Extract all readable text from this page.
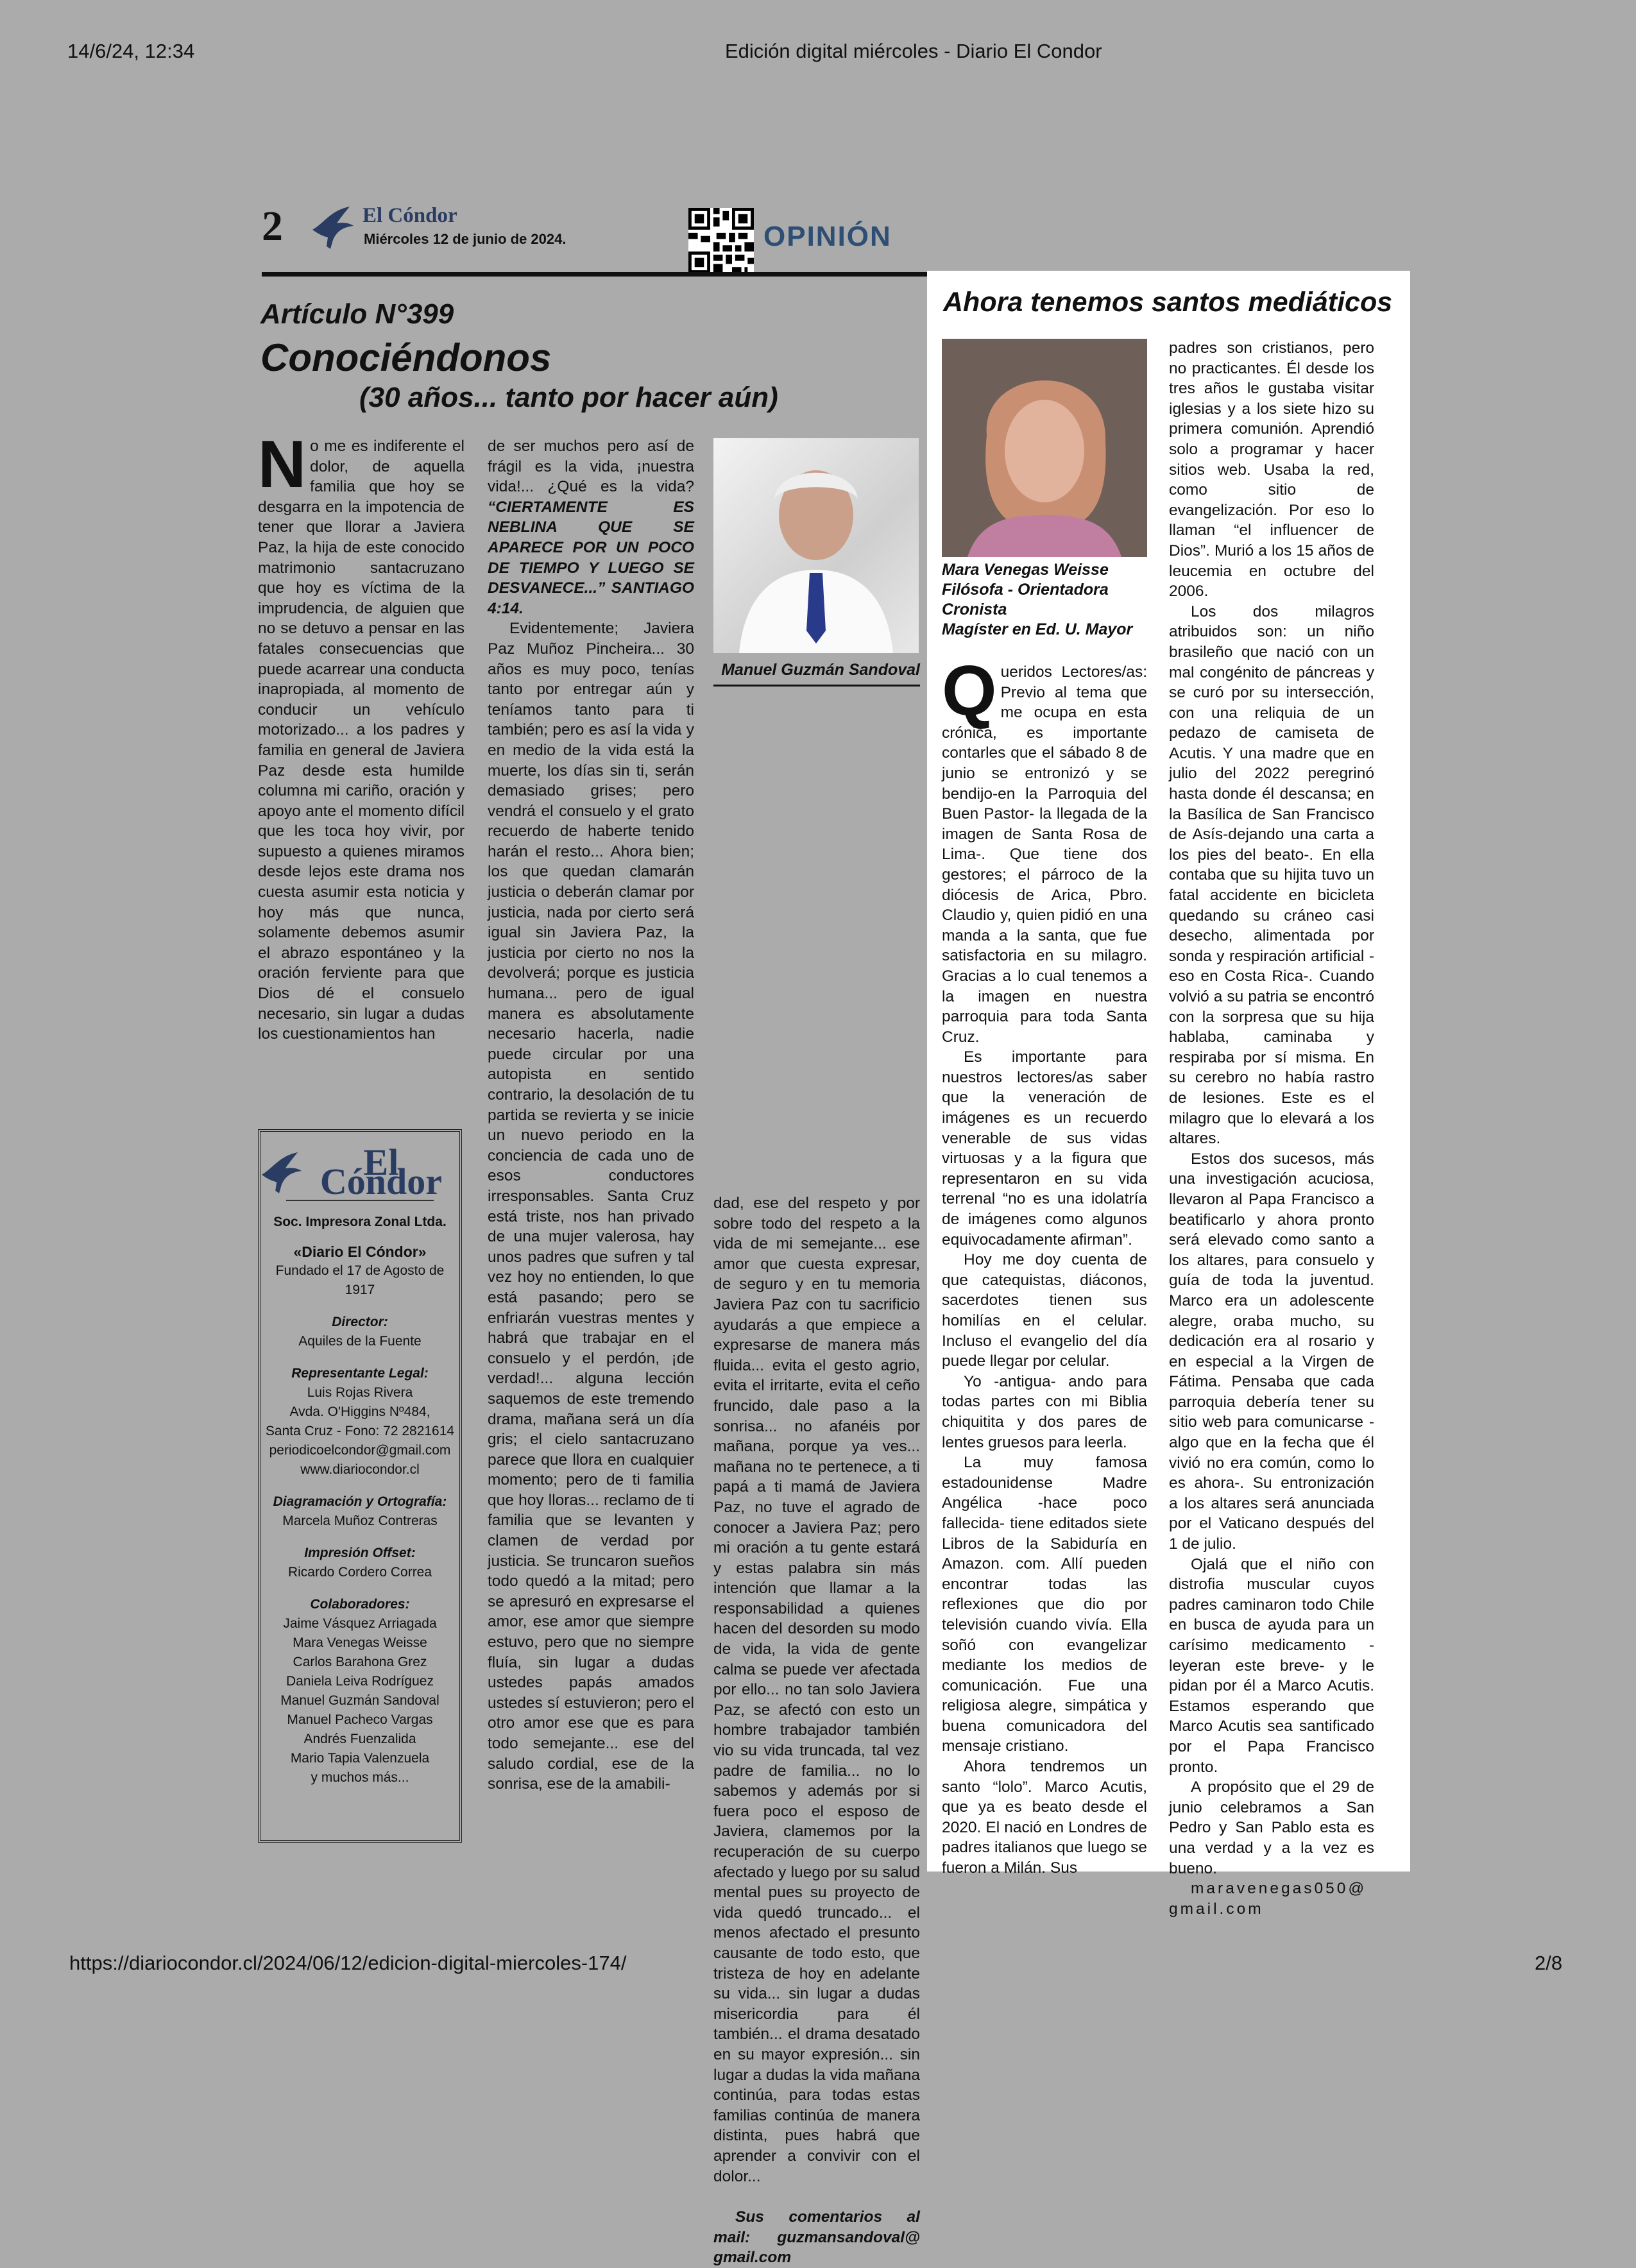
14/6/24, 12:34	Edición digital miércoles - Diario El Condor
2	El Cóndor
Miércoles 12 de junio de 2024.	OPINIÓN
Artículo N°399
Conociéndonos
(30 años... tanto por hacer aún)
No me es indiferente el dolor, de aquella familia que hoy se desgarra en la impotencia de tener que llorar a Javiera Paz, la hija de este conocido matrimonio santacruzano que hoy es víctima de la imprudencia, de alguien que no se detuvo a pensar en las fatales consecuencias que puede acarrear una conducta inapropiada, al momento de conducir un vehículo motorizado... a los padres y familia en general de Javiera Paz desde esta humilde columna mi cariño, oración y apoyo ante el momento difícil que les toca hoy vivir, por supuesto a quienes miramos desde lejos este drama nos cuesta asumir esta noticia y hoy más que nunca, solamente debemos asumir el abrazo espontáneo y la oración ferviente para que Dios dé el consuelo necesario, sin lugar a dudas los cuestionamientos han
de ser muchos pero así de frágil es la vida, ¡nuestra vida!... ¿Qué es la vida? “CIERTAMENTE ES NEBLINA QUE SE APARECE POR UN POCO DE TIEMPO Y LUEGO SE DESVANECE...” SANTIAGO 4:14.

Evidentemente; Javiera Paz Muñoz Pincheira... 30 años es muy poco, tenías tanto por entregar aún y teníamos tanto para ti también; pero es así la vida y en medio de la vida está la muerte, los días sin ti, serán demasiado grises; pero vendrá el consuelo y el grato recuerdo de haberte tenido harán el resto... Ahora bien; los que quedan clamarán justicia o deberán clamar por justicia, nada por cierto será igual sin Javiera Paz, la justicia por cierto no nos la devolverá; porque es justicia humana... pero de igual manera es absolutamente necesario hacerla, nadie puede circular por una autopista en sentido contrario, la desolación de tu partida se revierta y se inicie un nuevo periodo en la conciencia de cada uno de esos conductores irresponsables. Santa Cruz está triste, nos han privado de una mujer valerosa, hay unos padres que sufren y tal vez hoy no entienden, lo que está pasando; pero se enfriarán vuestras mentes y habrá que trabajar en el consuelo y el perdón, ¡de verdad!... alguna lección saquemos de este tremendo drama, mañana será un día gris; el cielo santacruzano parece que llora en cualquier momento; pero de ti familia que hoy lloras... reclamo de ti familia que se levanten y clamen de verdad por justicia. Se truncaron sueños todo quedó a la mitad; pero se apresuró en expresarse el amor, ese amor que siempre estuvo, pero que no siempre fluía, sin lugar a dudas ustedes papás amados ustedes sí estuvieron; pero el otro amor ese que es para todo semejante... ese del saludo cordial, ese de la sonrisa, ese de la amabili-

Manuel Guzmán Sandoval

dad, ese del respeto y por sobre todo del respeto a la vida de mi semejante... ese amor que cuesta expresar, de seguro y en tu memoria Javiera Paz con tu sacrificio ayudarás a que empiece a expresarse de manera más fluida... evita el gesto agrio, evita el irritarte, evita el ceño fruncido, dale paso a la sonrisa... no afanéis por mañana, porque ya ves... mañana no te pertenece, a ti papá a ti mamá de Javiera Paz, no tuve el agrado de conocer a Javiera Paz; pero mi oración a tu gente estará y estas palabra sin más intención que llamar a la responsabilidad a quienes hacen del desorden su modo de vida, la vida de gente calma se puede ver afectada por ello... no tan solo Javiera Paz, se afectó con esto un hombre trabajador también vio su vida truncada, tal vez padre de familia... no lo sabemos y además por si fuera poco el esposo de Javiera, clamemos por la recuperación de su cuerpo afectado y luego por su salud mental pues su proyecto de vida quedó truncado... el menos afectado el presunto causante de todo esto, que tristeza de hoy en adelante su vida... sin lugar a dudas misericordia para él también... el drama desatado en su mayor expresión... sin lugar a dudas la vida mañana continúa, para todas estas familias continúa de manera distinta, pues habrá que aprender a convivir con el dolor...

Sus comentarios al mail: guzmansandoval@ gmail.com

El Cóndor
Soc. Impresora Zonal Ltda.
«Diario El Cóndor»
Fundado el 17 de Agosto de 1917
Director:
Aquiles de la Fuente
Representante Legal:
Luis Rojas Rivera
Avda. O'Higgins Nº484,
Santa Cruz - Fono: 72 2821614
periodicoelcondor@gmail.com
www.diariocondor.cl
Diagramación y Ortografía:
Marcela Muñoz Contreras
Impresión Offset:
Ricardo Cordero Correa
Colaboradores:
Jaime Vásquez Arriagada
Mara Venegas Weisse
Carlos Barahona Grez
Daniela Leiva Rodríguez
Manuel Guzmán Sandoval
Manuel Pacheco Vargas
Andrés Fuenzalida
Mario Tapia Valenzuela
y muchos más...
Ahora tenemos santos mediáticos
Mara Venegas Weisse
Filósofa - Orientadora
Cronista
Magíster en Ed. U. Mayor

Queridos Lectores/as: Previo al tema que me ocupa en esta crónica, es importante contarles que el sábado 8 de junio se entronizó y se bendijo-en la Parroquia del Buen Pastor- la llegada de la imagen de Santa Rosa de Lima-. Que tiene dos gestores; el párroco de la diócesis de Arica, Pbro. Claudio y, quien pidió en una manda a la santa, que fue satisfactoria en su milagro. Gracias a lo cual tenemos a la imagen en nuestra parroquia para toda Santa Cruz.

Es importante para nuestros lectores/as saber que la veneración de imágenes es un recuerdo venerable de sus vidas virtuosas y a la figura que representaron en su vida terrenal “no es una idolatría de imágenes como algunos equivocadamente afirman”.

Hoy me doy cuenta de que catequistas, diáconos, sacerdotes tienen sus homilías en el celular. Incluso el evangelio del día puede llegar por celular.

Yo -antigua- ando para todas partes con mi Biblia chiquitita y dos pares de lentes gruesos para leerla.

La muy famosa estadounidense Madre Angélica -hace poco fallecida- tiene editados siete Libros de la Sabiduría en Amazon. com. Allí pueden encontrar todas las reflexiones que dio por televisión cuando vivía. Ella soñó con evangelizar mediante los medios de comunicación. Fue una religiosa alegre, simpática y buena comunicadora del mensaje cristiano.

Ahora tendremos un santo “lolo”. Marco Acutis, que ya es beato desde el 2020. El nació en Londres de padres italianos que luego se fueron a Milán. Sus

padres son cristianos, pero no practicantes. Él desde los tres años le gustaba visitar iglesias y a los siete hizo su primera comunión. Aprendió solo a programar y hacer sitios web. Usaba la red, como sitio de evangelización. Por eso lo llaman “el influencer de Dios”. Murió a los 15 años de leucemia en octubre del 2006.

Los dos milagros atribuidos son: un niño brasileño que nació con un mal congénito de páncreas y se curó por su intersección, con una reliquia de un pedazo de camiseta de Acutis. Y una madre que en julio del 2022 peregrinó hasta donde él descansa; en la Basílica de San Francisco de Asís-dejando una carta a los pies del beato-. En ella contaba que su hijita tuvo un fatal accidente en bicicleta quedando su cráneo casi desecho, alimentada por sonda y respiración artificial -eso en Costa Rica-. Cuando volvió a su patria se encontró con la sorpresa que su hija hablaba, caminaba y respiraba por sí misma. En su cerebro no había rastro de lesiones. Este es el milagro que lo elevará a los altares.

Estos dos sucesos, más una investigación acuciosa, llevaron al Papa Francisco a beatificarlo y ahora pronto será elevado como santo a los altares, para consuelo y guía de toda la juventud. Marco era un adolescente alegre, oraba mucho, su dedicación era al rosario y en especial a la Virgen de Fátima. Pensaba que cada parroquia debería tener su sitio web para comunicarse -algo que en la fecha que él vivió no era común, como lo es ahora-. Su entronización a los altares será anunciada por el Vaticano después del 1 de julio.

Ojalá que el niño con distrofia muscular cuyos padres caminaron todo Chile en busca de ayuda para un carísimo medicamento -leyeran este breve- y le pidan por él a Marco Acutis. Estamos esperando que Marco Acutis sea santificado por el Papa Francisco pronto.

A propósito que el 29 de junio celebramos a San Pedro y San Pablo esta es una verdad y a la vez es bueno.

maravenegas050@ gmail.com

https://diariocondor.cl/2024/06/12/edicion-digital-miercoles-174/	2/8
